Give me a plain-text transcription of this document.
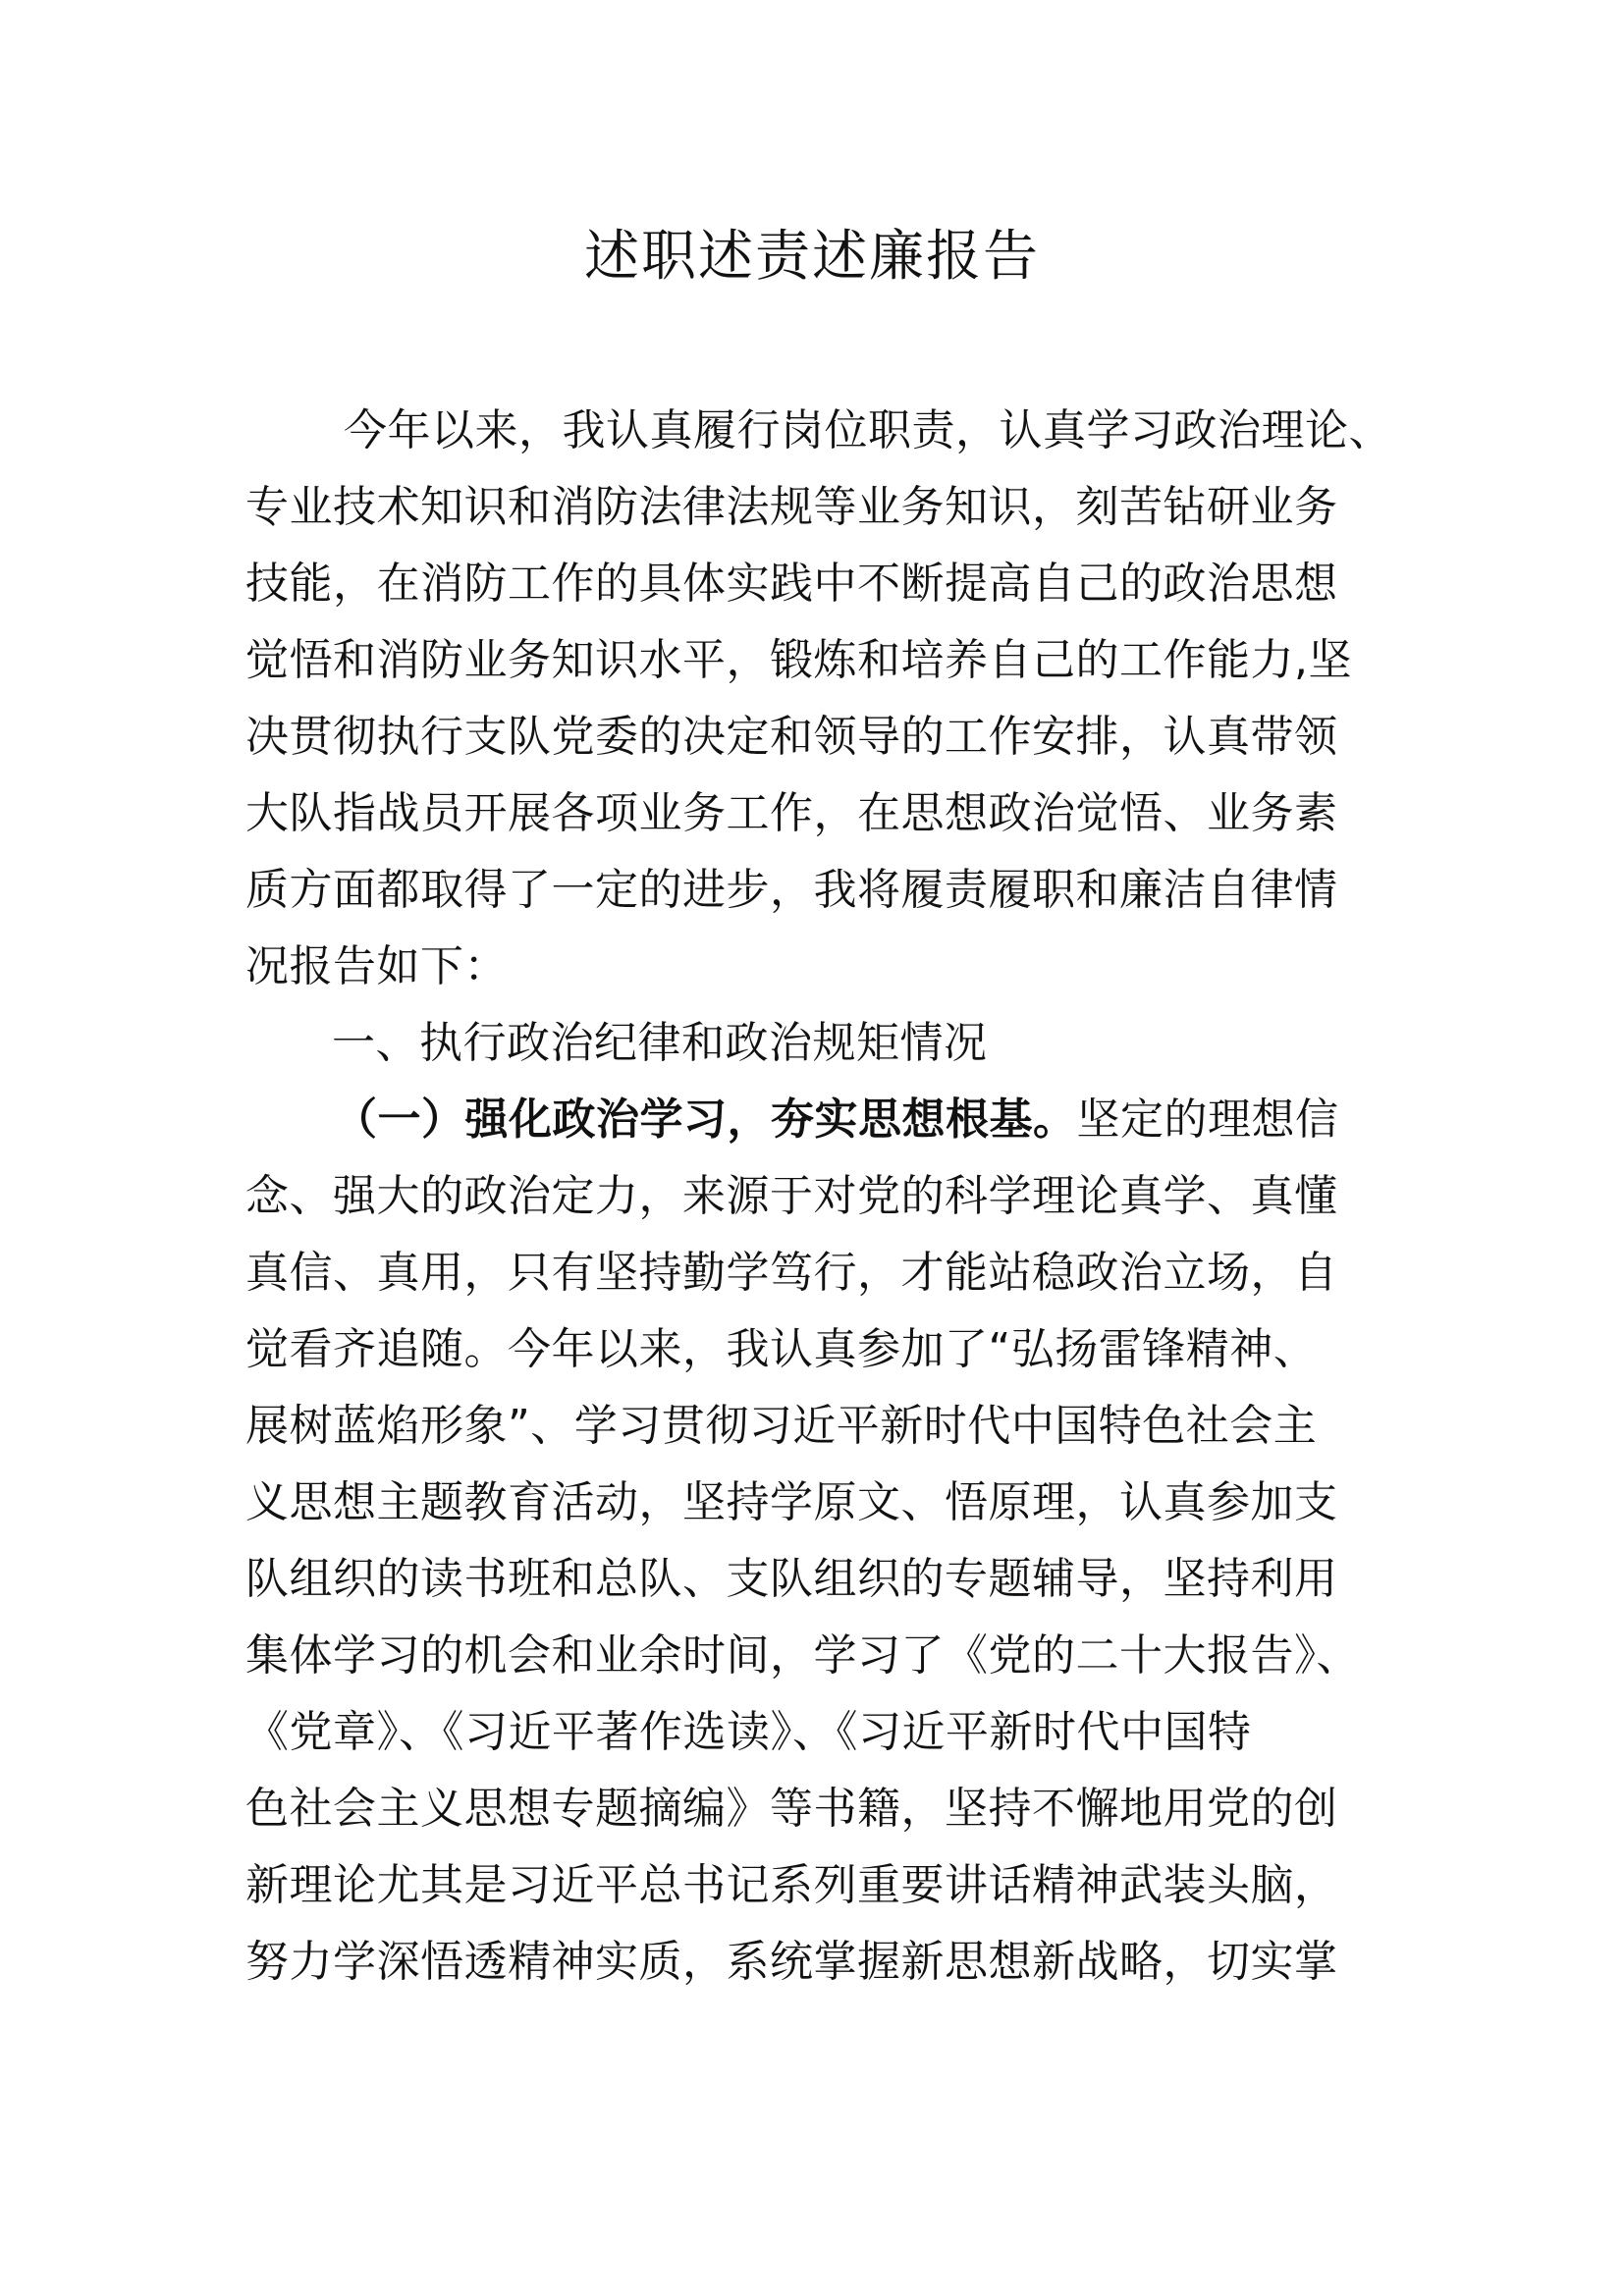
述职述责述廉报告
今年以来，我认真履行岗位职责，认真学习政治理论、
专业技术知识和消防法律法规等业务知识，刻苦钻研业务
技能，在消防工作的具体实践中不断提高自己的政治思想
觉悟和消防业务知识水平，锻炼和培养自己的工作能力,坚
决贯彻执行支队党委的决定和领导的工作安排，认真带领
大队指战员开展各项业务工作，在思想政治觉悟、业务素
质方面都取得了一定的进步，我将履责履职和廉洁自律情
况报告如下：
一、执行政治纪律和政治规矩情况
（一）强化政治学习，夯实思想根基。坚定的理想信
念、强大的政治定力，来源于对党的科学理论真学、真懂
真信、真用，只有坚持勤学笃行，才能站稳政治立场，自
觉看齐追随。今年以来，我认真参加了“弘扬雷锋精神、
展树蓝焰形象”、学习贯彻习近平新时代中国特色社会主
义思想主题教育活动，坚持学原文、悟原理，认真参加支
队组织的读书班和总队、支队组织的专题辅导，坚持利用
集体学习的机会和业余时间，学习了《党的二十大报告》、
《党章》、《习近平著作选读》、《习近平新时代中国特
色社会主义思想专题摘编》等书籍，坚持不懈地用党的创
新理论尤其是习近平总书记系列重要讲话精神武装头脑，
努力学深悟透精神实质，系统掌握新思想新战略，切实掌
